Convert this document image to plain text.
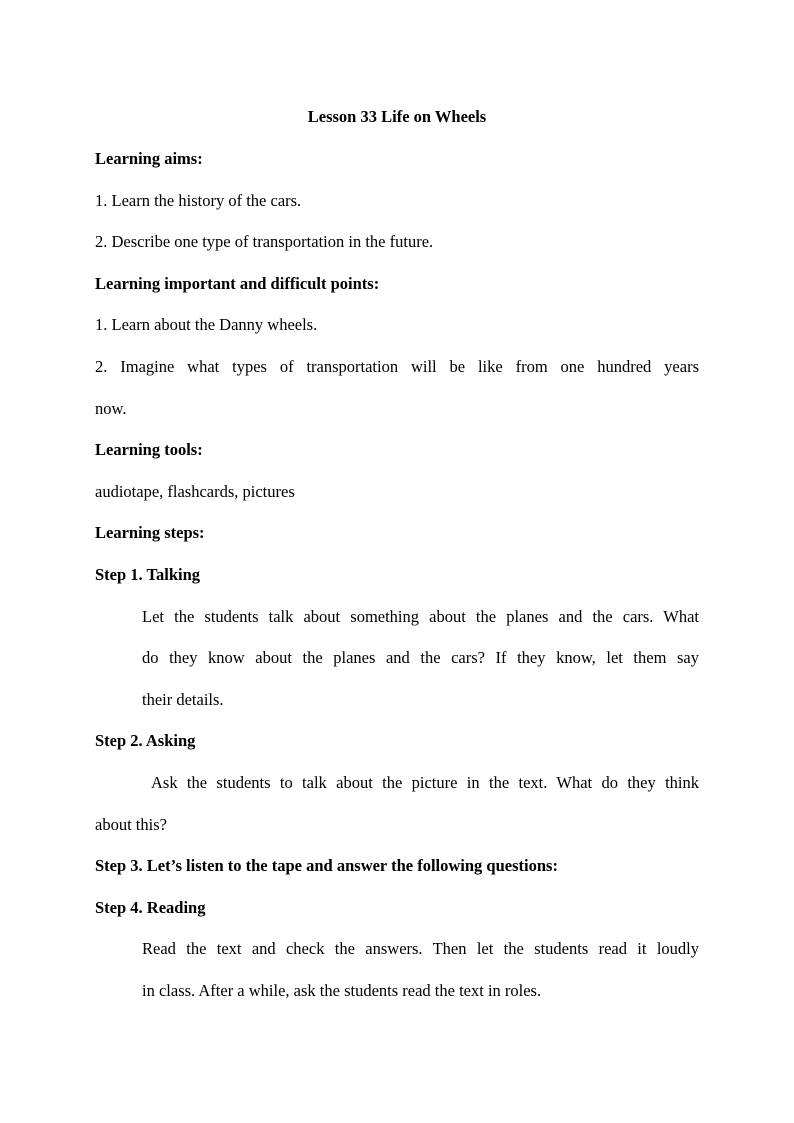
Lesson 33 Life on Wheels
Learning aims:
1. Learn the history of the cars.
2. Describe one type of transportation in the future.
Learning important and difficult points:
1. Learn about the Danny wheels.
2. Imagine what types of transportation will be like from one hundred years
now.
Learning tools:
audiotape, flashcards, pictures
Learning steps:
Step 1. Talking
Let the students talk about something about the planes and the cars. What
do they know about the planes and the cars? If they know, let them say
their details.
Step 2. Asking
Ask the students to talk about the picture in the text. What do they think
about this?
Step 3. Let’s listen to the tape and answer the following questions:
Step 4. Reading
Read the text and check the answers. Then let the students read it loudly
in class. After a while, ask the students read the text in roles.
